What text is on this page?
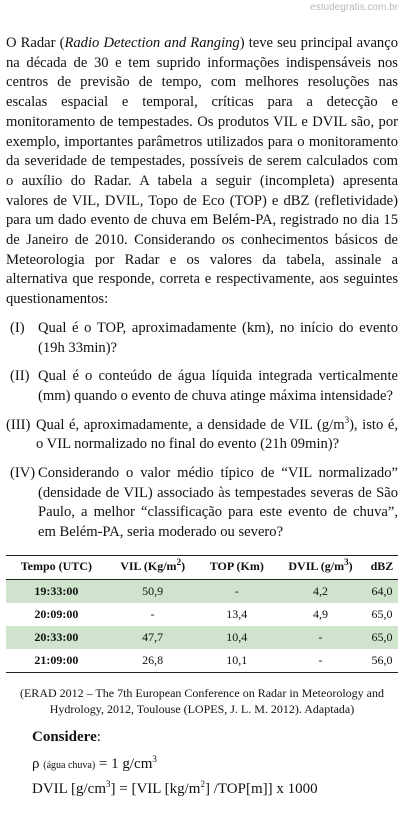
estudegratis.com.br

O Radar (Radio Detection and Ranging) teve seu principal avanço na década de 30 e tem suprido informações indispensáveis nos centros de previsão de tempo, com melhores resoluções nas escalas espacial e temporal, críticas para a detecção e monitoramento de tempestades. Os produtos VIL e DVIL são, por exemplo, importantes parâmetros utilizados para o monitoramento da severidade de tempestades, possíveis de serem calculados com o auxílio do Radar. A tabela a seguir (incompleta) apresenta valores de VIL, DVIL, Topo de Eco (TOP) e dBZ (refletividade) para um dado evento de chuva em Belém-PA, registrado no dia 15 de Janeiro de 2010. Considerando os conhecimentos básicos de Meteorologia por Radar e os valores da tabela, assinale a alternativa que responde, correta e respectivamente, aos seguintes questionamentos:

(I) Qual é o TOP, aproximadamente (km), no início do evento (19h 33min)?
(II) Qual é o conteúdo de água líquida integrada verticalmente (mm) quando o evento de chuva atinge máxima intensidade?
(III) Qual é, aproximadamente, a densidade de VIL $(g/m^3)$, isto é, o VIL normalizado no final do evento (21h 09min)?
(IV) Considerando o valor médio típico de “VIL normalizado” (densidade de VIL) associado às tempestades severas de São Paulo, a melhor “classificação para este evento de chuva”, em Belém-PA, seria moderado ou severo?
Tempo (UTC)	VIL $(Kg/m^2)$	TOP (Km)	DVIL $(g/m^3)$	dBZ
19:33:00	50,9	-	4,2	64,0
20:09:00	-	13,4	4,9	65,0
20:33:00	47,7	10,4	-	65,0
21:09:00	26,8	10,1	-	56,0
(ERAD 2012 – The 7th European Conference on Radar in Meteorology and Hydrology, 2012, Toulouse (LOPES, J. L. M. 2012). Adaptada)
Considere:
ρ (água chuva) = 1 $g/cm^3$
DVIL $[g/cm^3] = [VIL$ $[kg/m^2]$ /TOP[m]] x 1000
